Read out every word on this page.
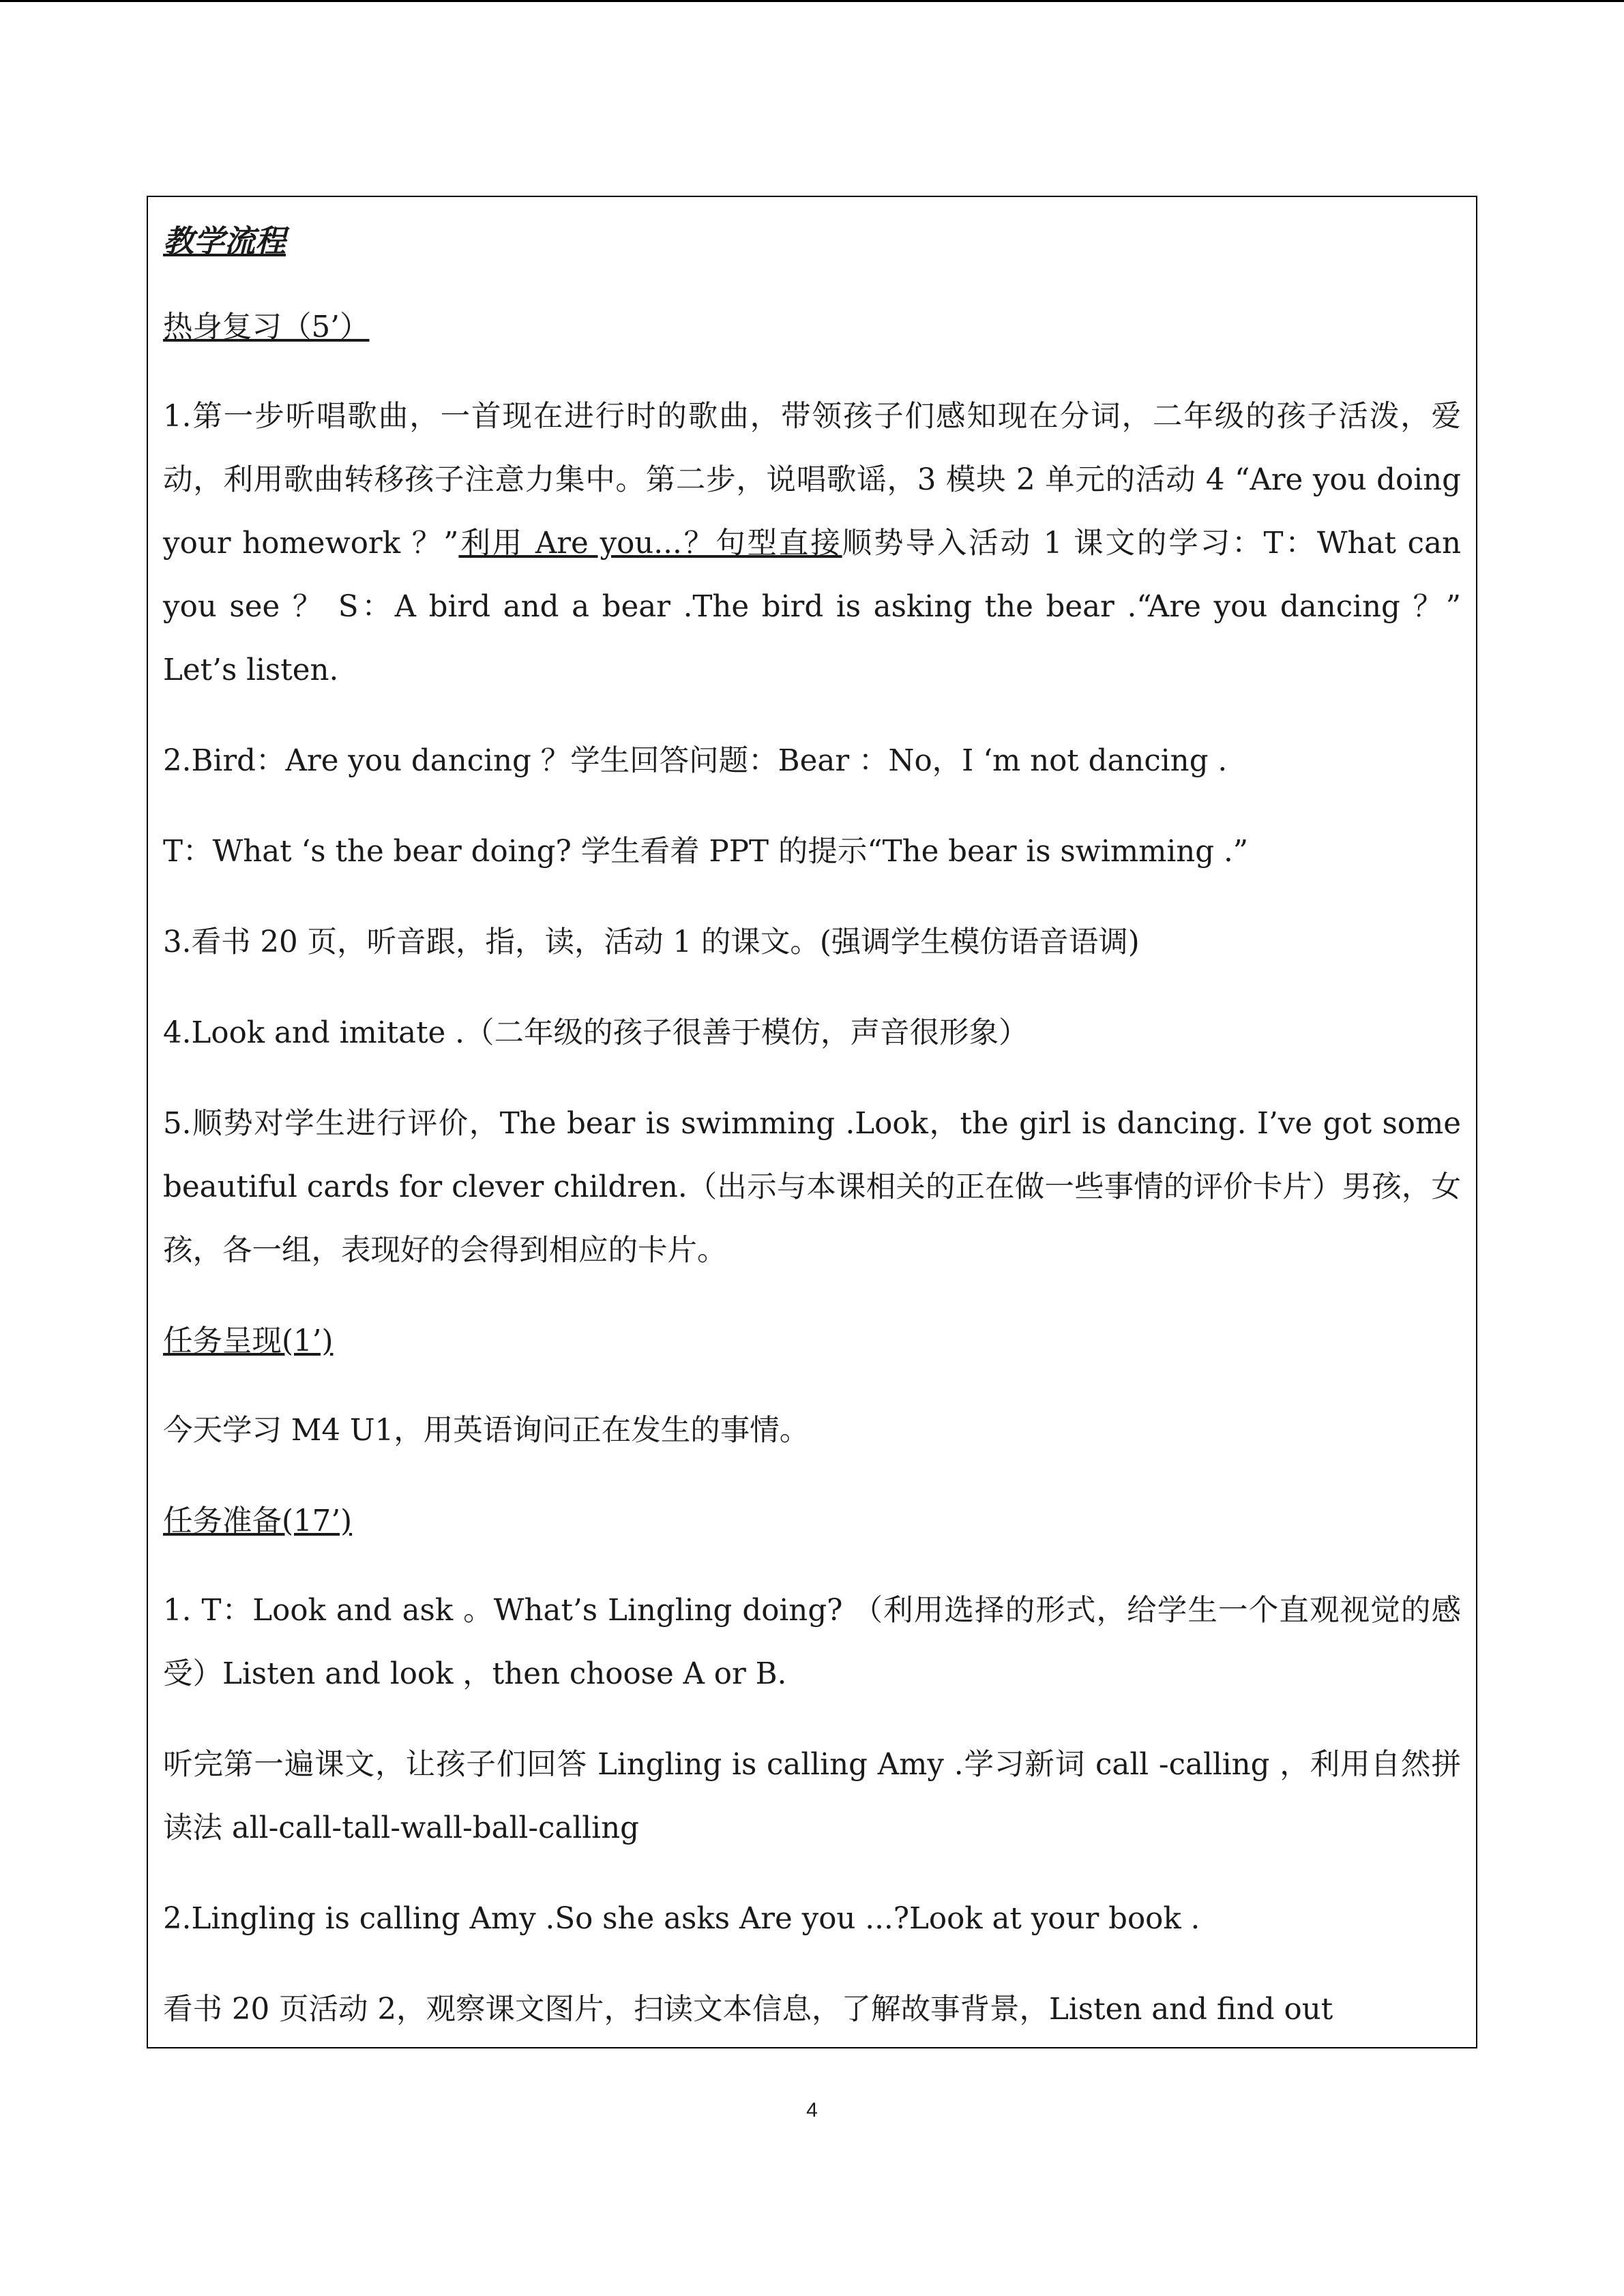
教学流程
热身复习（5’）

1.第一步听唱歌曲，一首现在进行时的歌曲，带领孩子们感知现在分词，二年级的孩子活泼，爱动，利用歌曲转移孩子注意力集中。第二步，说唱歌谣，3 模块 2 单元的活动 4 “Are you doing your homework ？”利用 Are you...？句型直接顺势导入活动 1 课文的学习：T：What can you see ？ S：A bird and a bear .The bird is asking the bear .“Are you dancing ？” Let’s listen.

2.Bird：Are you dancing ？学生回答问题：Bear ：No，I ‘m not dancing .

T：What ‘s the bear doing? 学生看着 PPT 的提示“The bear is swimming .”

3.看书 20 页，听音跟，指，读，活动 1 的课文。(强调学生模仿语音语调)

4.Look and imitate .（二年级的孩子很善于模仿，声音很形象）

5.顺势对学生进行评价，The bear is swimming .Look，the girl is dancing. I’ve got some beautiful cards for clever children.（出示与本课相关的正在做一些事情的评价卡片）男孩，女孩，各一组，表现好的会得到相应的卡片。

任务呈现(1’)

今天学习 M4 U1，用英语询问正在发生的事情。

任务准备(17’)

1. T：Look and ask 。What’s Lingling doing? （利用选择的形式，给学生一个直观视觉的感受）Listen and look ，then choose A or B.

听完第一遍课文，让孩子们回答 Lingling is calling Amy .学习新词 call -calling ，利用自然拼读法 all-call-tall-wall-ball-calling

2.Lingling is calling Amy .So she asks Are you ...?Look at your book .

看书 20 页活动 2，观察课文图片，扫读文本信息，了解故事背景，Listen and find out

4
